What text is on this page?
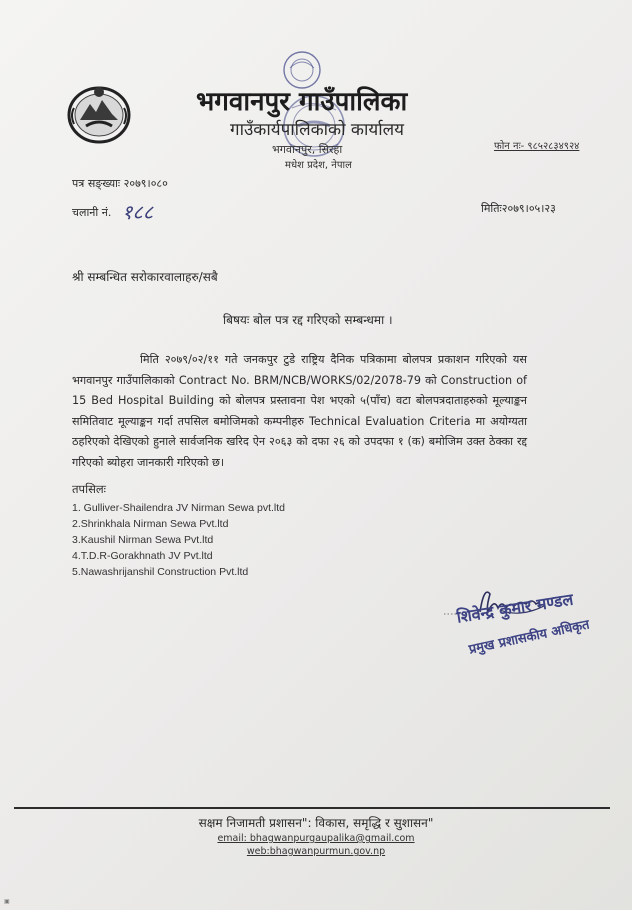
भगवानपुर गाउँपालिका
गाउँकार्यपालिकाको कार्यालय
भगवानपुर, सिरहा
मधेश प्रदेश, नेपाल
फोन नः- ९८५२८३४९२४
पत्र सङ्ख्याः २०७९।०८०
चलानी नं. १८८	मितिः२०७९।०५।२३
श्री सम्बन्धित सरोकारवालाहरु/सबै
बिषयः बोल पत्र रद्द गरिएको सम्बन्धमा ।
मिति २०७९/०२/११ गते जनकपुर टुडे राष्ट्रिय दैनिक पत्रिकामा बोलपत्र प्रकाशन गरिएको यस भगवानपुर गाउँपालिकाको Contract No. BRM/NCB/WORKS/02/2078-79 को Construction of 15 Bed Hospital Building को बोलपत्र प्रस्तावना पेश भएको ५(पाँच) वटा बोलपत्रदाताहरुको मूल्याङ्कन समितिवाट मूल्याङ्कन गर्दा तपसिल बमोजिमको कम्पनीहरु Technical Evaluation Criteria मा अयोग्यता ठहरिएको देखिएको हुनाले सार्वजनिक खरिद ऐन २०६३ को दफा २६ को उपदफा १ (क) बमोजिम उक्त ठेक्का रद्द गरिएको ब्योहरा जानकारी गरिएको छ।
तपसिलः
1. Gulliver-Shailendra JV Nirman Sewa pvt.ltd
2.Shrinkhala Nirman Sewa Pvt.ltd
3.Kaushil Nirman Sewa Pvt.ltd
4.T.D.R-Gorakhnath JV Pvt.ltd
5.Nawashrijanshil Construction Pvt.ltd
शिवेन्द्र कुमार मण्डल
प्रमुख प्रशासकीय अधिकृत
सक्षम निजामती प्रशासन": विकास, समृद्धि र सुशासन"
email: bhagwanpurgaupalika@gmail.com
web:bhagwanpurmun.gov.np
▣
